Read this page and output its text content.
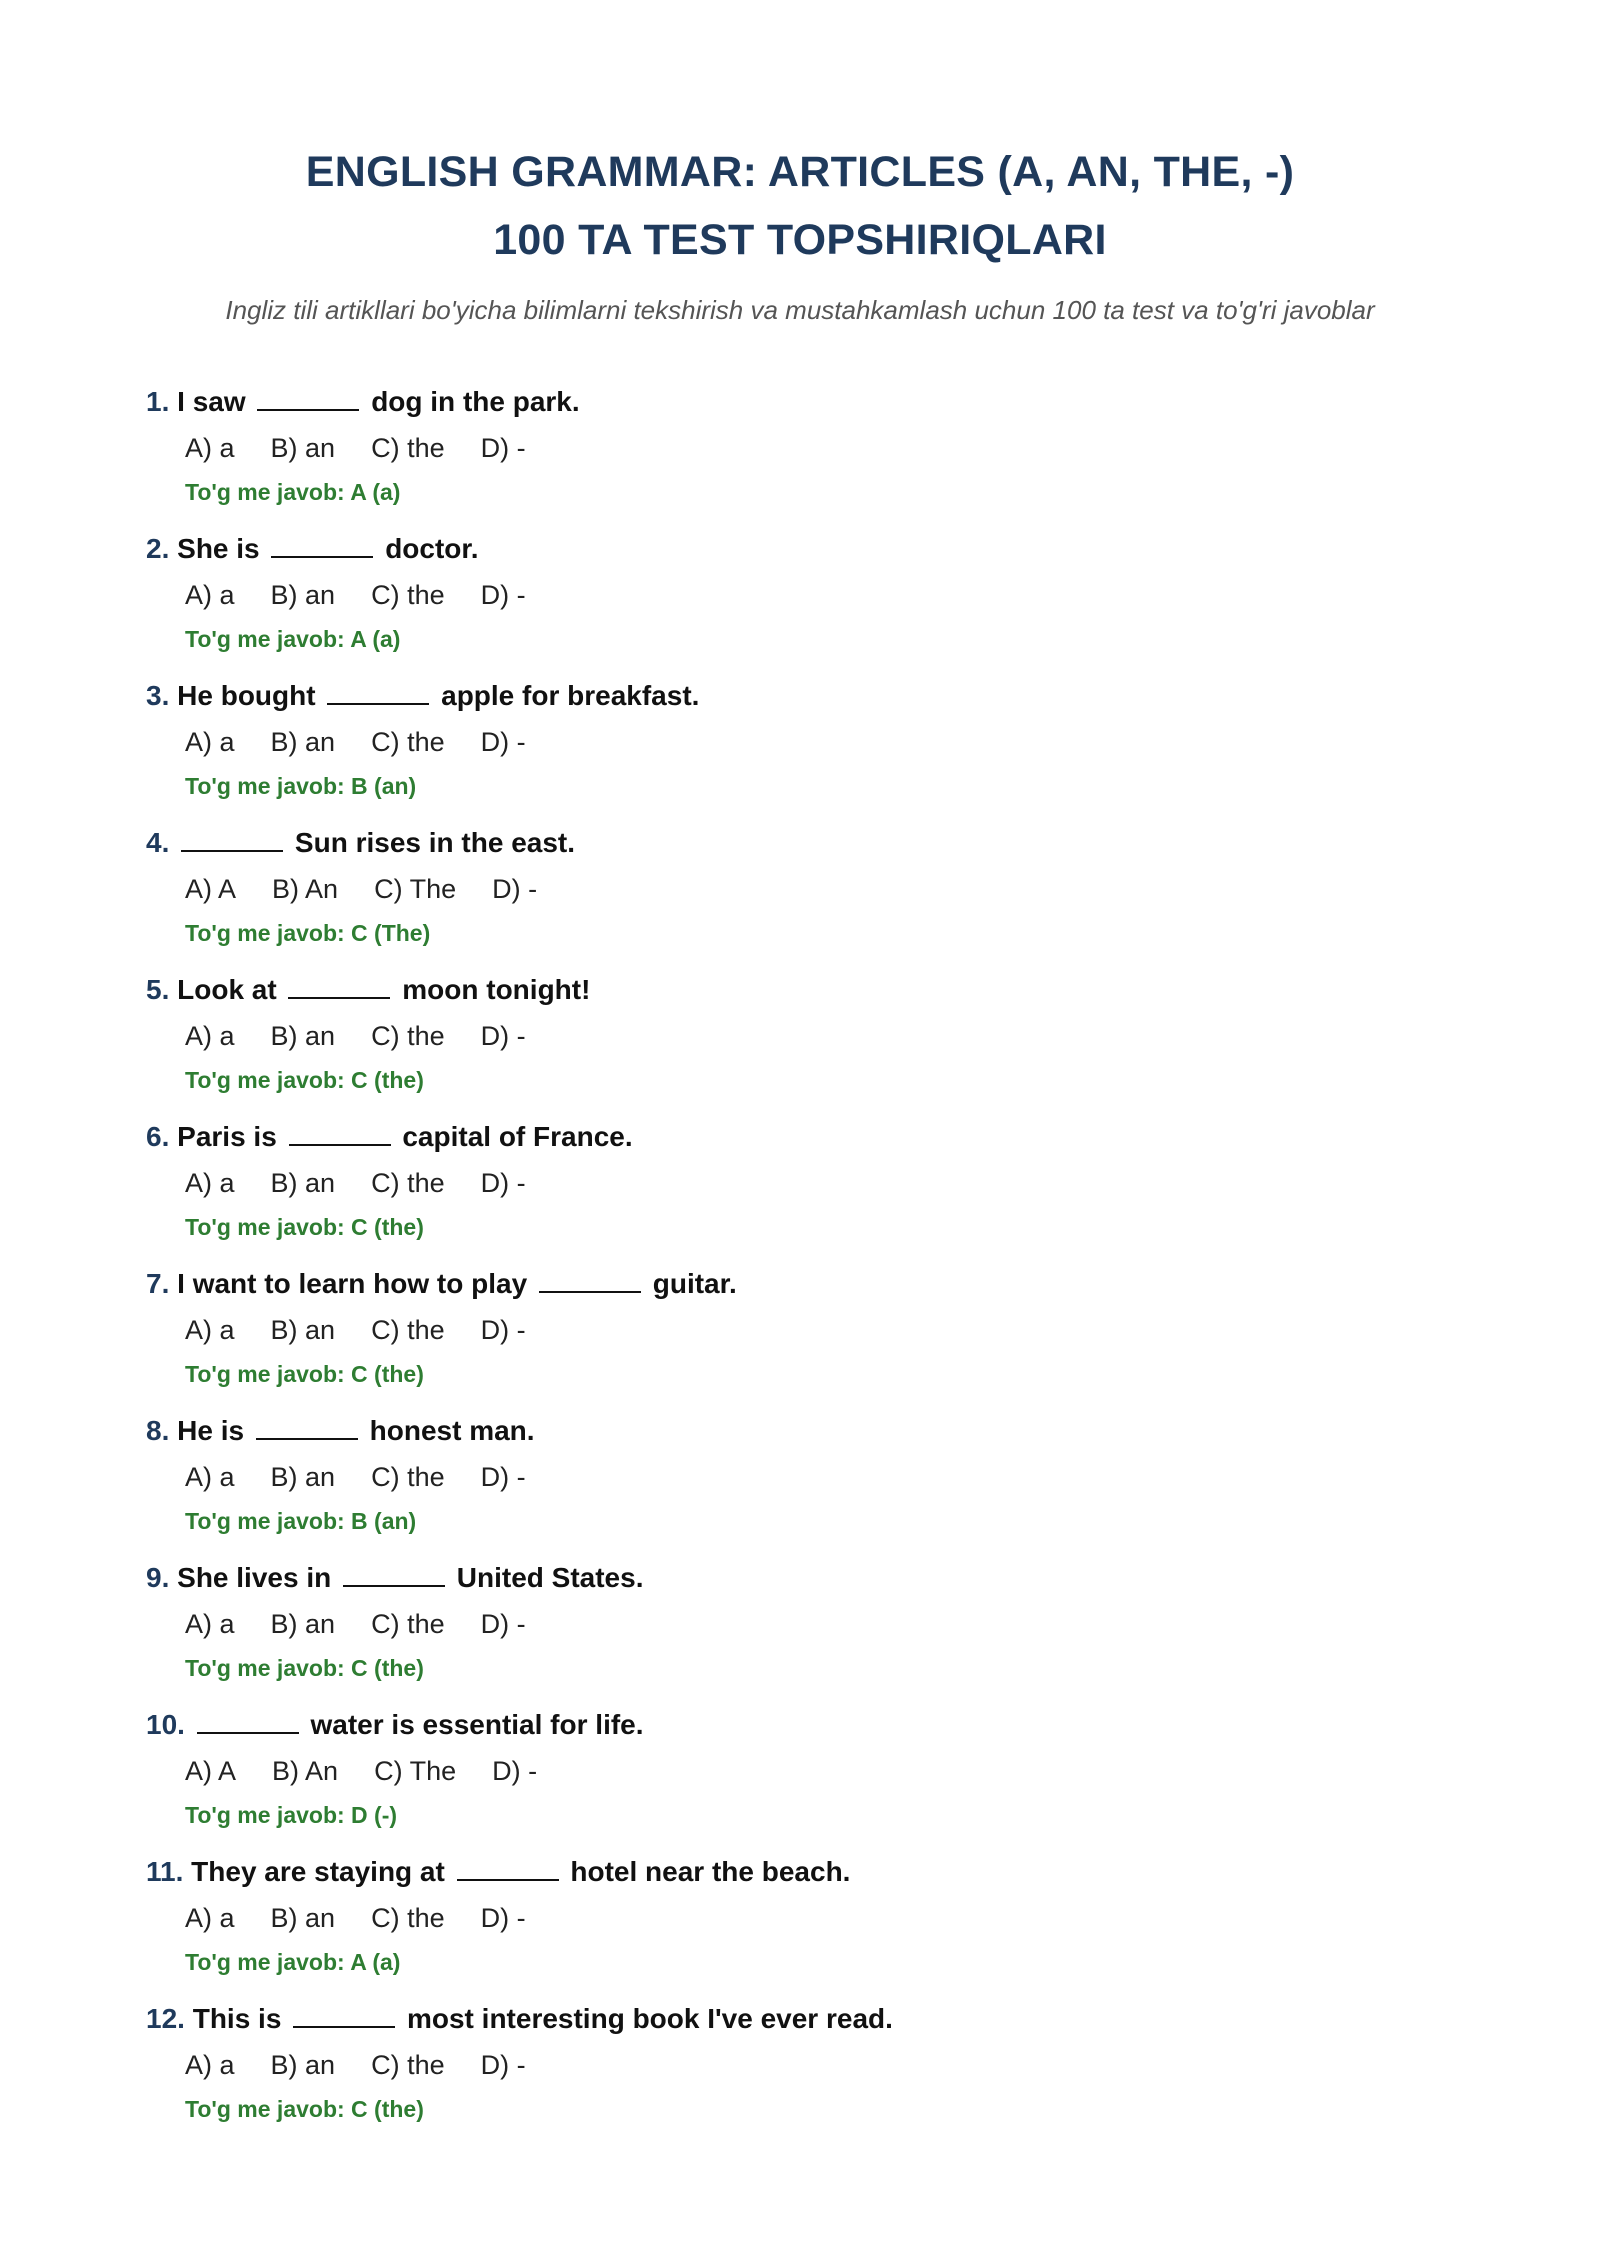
ENGLISH GRAMMAR: ARTICLES (A, AN, THE, -)
100 TA TEST TOPSHIRIQLARI
Ingliz tili artikllari bo'yicha bilimlarni tekshirish va mustahkamlash uchun 100 ta test va to'g'ri javoblar
1. I saw	dog in the park.
A) a B) an C) the D) -
To'g me javob: A (a)
2. She is	doctor.
A) a B) an C) the D) -
To'g me javob: A (a)
3. He bought	apple for breakfast.
A) a B) an C) the D) -
To'g me javob: B (an)
4.	Sun rises in the east.
A) A B) An C) The D) -
To'g me javob: C (The)
5. Look at	moon tonight!
A) a B) an C) the D) -
To'g me javob: C (the)
6. Paris is	capital of France.
A) a B) an C) the D) -
To'g me javob: C (the)
7. I want to learn how to play	guitar.
A) a B) an C) the D) -
To'g me javob: C (the)
8. He is	honest man.
A) a B) an C) the D) -
To'g me javob: B (an)
9. She lives in	United States.
A) a B) an C) the D) -
To'g me javob: C (the)
10.	water is essential for life.
A) A B) An C) The D) -
To'g me javob: D (-)
11. They are staying at	hotel near the beach.
A) a B) an C) the D) -
To'g me javob: A (a)
12. This is	most interesting book I've ever read.
A) a B) an C) the D) -
To'g me javob: C (the)
